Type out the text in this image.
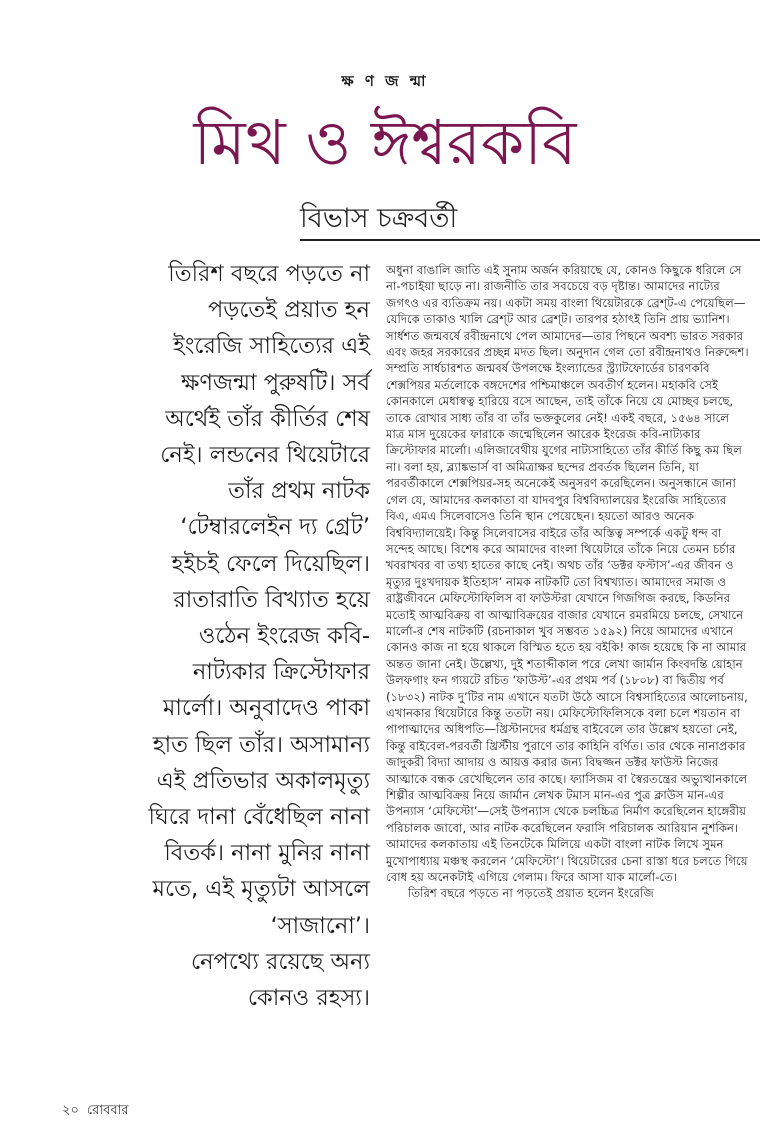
ক্ষ ণ জ ন্মা
মিথ ও ঈশ্বরকবি
বিভাস চক্রবর্তী
তিরিশ বছরে পড়তে না
পড়তেই প্রয়াত হন
ইংরেজি সাহিত্যের এই
ক্ষণজন্মা পুরুষটি। সর্ব
অর্থেই তাঁর কীর্তির শেষ
নেই। লন্ডনের থিয়েটারে
তাঁর প্রথম নাটক
‘টেম্বারলেইন দ্য গ্রেট’
হইচই ফেলে দিয়েছিল।
রাতারাতি বিখ্যাত হয়ে
ওঠেন ইংরেজ কবি-
নাট্যকার ক্রিস্টোফার
মার্লো। অনুবাদেও পাকা
হাত ছিল তাঁর। অসামান্য
এই প্রতিভার অকালমৃত্যু
ঘিরে দানা বেঁধেছিল নানা
বিতর্ক। নানা মুনির নানা
মতে, এই মৃত্যুটা আসলে
‘সাজানো’।
নেপথ্যে রয়েছে অন্য
কোনও রহস্য।

অধুনা বাঙালি জাতি এই সুনাম অর্জন করিয়াছে যে, কোনও কিছুকে ধরিলে সে না-পচাইয়া ছাড়ে না। রাজনীতি তার সবচেয়ে বড় দৃষ্টান্ত। আমাদের নাট্যের জগৎও এর ব্যতিক্রম নয়। একটা সময় বাংলা থিয়েটারকে ব্রেশ্‌ট-এ পেয়েছিল—যেদিকে তাকাও খালি ব্রেশ্‌ট আর ব্রেশ্‌ট। তারপর হঠাৎই তিনি প্রায় ভ্যানিশ। সার্ধশত জন্মবর্ষে রবীন্দ্রনাথে পেল আমাদের—তার পিছনে অবশ্য ভারত সরকার এবং জহর সরকারের প্রচ্ছন্ন মদত ছিল। অনুদান গেল তো রবীন্দ্রনাথও নিরুদ্দেশ। সম্প্রতি সার্ধচারশত জন্মবর্ষ উপলক্ষে ইংল্যান্ডের স্ট্র্যাটফোর্ডের চারণকবি শেক্সপিয়র মর্তলোকে বঙ্গদেশের পশ্চিমাঞ্চলে অবতীর্ণ হলেন। মহাকবি সেই কোনকালে মেধাস্বত্ব হারিয়ে বসে আছেন, তাই তাঁকে নিয়ে যে মোচ্ছব চলছে, তাকে রোখার সাধ্য তাঁর বা তাঁর ভক্তকুলের নেই! একই বছরে, ১৫৬৪ সালে মাত্র মাস দুয়েকের ফারাকে জন্মেছিলেন আরেক ইংরেজ কবি-নাট্যকার ক্রিস্টোফার মার্লো। এলিজাবেথীয় যুগের নাট্যসাহিত্যে তাঁর কীর্তি কিছু কম ছিল না। বলা হয়, ব্ল্যাঙ্কভার্স বা অমিত্রাক্ষর ছন্দের প্রবর্তক ছিলেন তিনি, যা পরবর্তীকালে শেক্সপিয়র-সহ অনেকেই অনুসরণ করেছিলেন। অনুসন্ধানে জানা গেল যে, আমাদের কলকাতা বা যাদবপুর বিশ্ববিদ্যালয়ের ইংরেজি সাহিত্যের বিএ, এমএ সিলেবাসেও তিনি স্থান পেয়েছেন। হয়তো আরও অনেক বিশ্ববিদ্যালয়েই। কিন্তু সিলেবাসের বাইরে তাঁর অস্তিত্ব সম্পর্কে একটু ধন্দ বা সন্দেহ আছে। বিশেষ করে আমাদের বাংলা থিয়েটারে তাঁকে নিয়ে তেমন চর্চার খবরাখবর বা তথ্য হাতের কাছে নেই। অথচ তাঁর ‘ডক্টর ফস্টাস’-এর জীবন ও মৃত্যুর দুঃখদায়ক ইতিহাস’ নামক নাটকটি তো বিশ্বখ্যাত। আমাদের সমাজ ও রাষ্ট্রজীবনে মেফিস্টোফিলিস বা ফাউস্টরা যেখানে গিজগিজ করছে, কিডনির মতোই আত্মবিক্রয় বা আত্মাবিক্রয়ের বাজার যেখানে রমরমিয়ে চলছে, সেখানে মার্লো-র শেষ নাটকটি (রচনাকাল খুব সম্ভবত ১৫৯২) নিয়ে আমাদের এখানে কোনও কাজ না হয়ে থাকলে বিস্মিত হতে হয় বইকি! কাজ হয়েছে কি না আমার অন্তত জানা নেই। উল্লেখ্য, দুই শতাব্দীকাল পরে লেখা জার্মান কিংবদন্তি য়োহান উলফগাং ফন গ্যয়টে রচিত ‘ফাউস্ট’-এর প্রথম পর্ব (১৮০৮) বা দ্বিতীয় পর্ব (১৮৩২) নাটক দু’টির নাম এখানে যতটা উঠে আসে বিশ্বসাহিত্যের আলোচনায়, এখানকার থিয়েটারে কিন্তু ততটা নয়। মেফিস্টোফিলিসকে বলা চলে শয়তান বা পাপাত্মাদের অধিপতি—খ্রিস্টানদের ধর্মগ্রন্থ বাইবেলে তার উল্লেখ হয়তো নেই, কিন্তু বাইবেল-পরবর্তী খ্রিস্টীয় পুরাণে তার কাহিনি বর্ণিত। তার থেকে নানাপ্রকার জাদুকরী বিদ্যা আদায় ও আয়ত্ত করার জন্য বিদ্বজ্জন ডক্টর ফাউস্ট নিজের আত্মাকে বন্ধক রেখেছিলেন তার কাছে। ফ্যাসিজম বা স্বৈরতন্ত্রের অভ্যুত্থানকালে শিল্পীর আত্মবিক্রয় নিয়ে জার্মান লেখক টমাস মান-এর পুত্র ক্লাউস মান-এর উপন্যাস ‘মেফিস্টো’—সেই উপন্যাস থেকে চলচ্চিত্র নির্মাণ করেছিলেন হাঙ্গেরীয় পরিচালক জাবো, আর নাটক করেছিলেন ফরাসি পরিচালক আরিয়ান নুশকিন। আমাদের কলকাতায় এই তিনটেকে মিলিয়ে একটা বাংলা নাটক লিখে সুমন মুখোপাধ্যায় মঞ্চস্থ করলেন ‘মেফিস্টো’। থিয়েটারের চেনা রাস্তা ধরে চলতে গিয়ে বোধ হয় অনেকটাই এগিয়ে গেলাম। ফিরে আসা যাক মার্লো-তে।

তিরিশ বছরে পড়তে না পড়তেই প্রয়াত হলেন ইংরেজি

২০ রোববার
